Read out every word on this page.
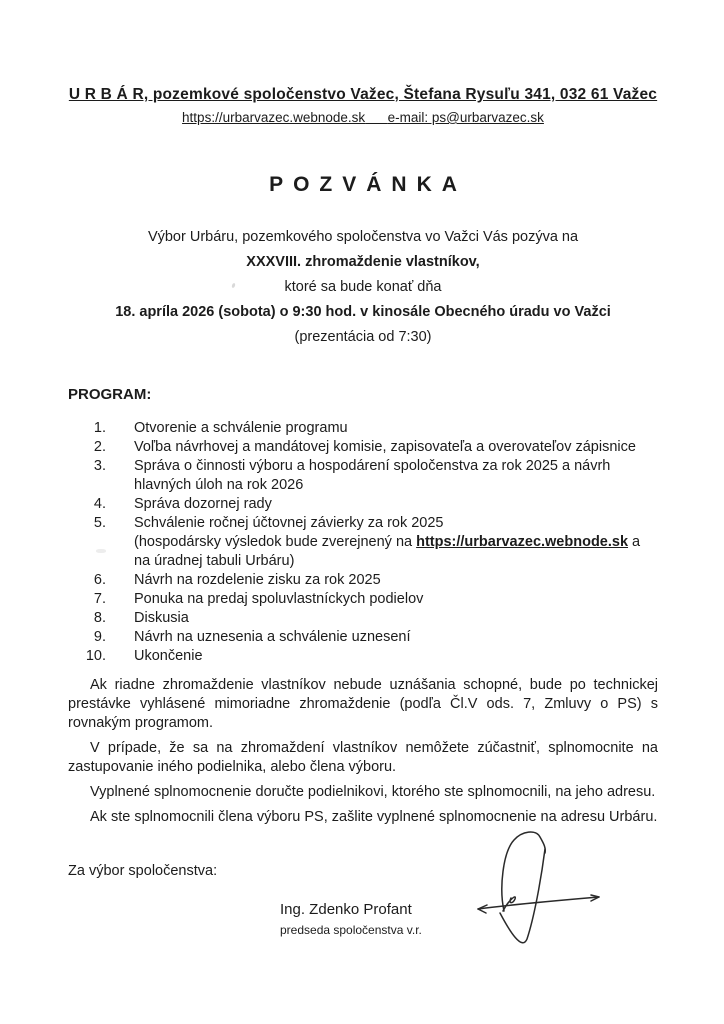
U R B Á R, pozemkové spoločenstvo Važec, Štefana Rysuľu 341, 032 61 Važec
https://urbarvazec.webnode.sk e-mail: ps@urbarvazec.sk
POZVÁNKA
Výbor Urbáru, pozemkového spoločenstva vo Važci Vás pozýva na
XXXVIII. zhromaždenie vlastníkov,
ktoré sa bude konať dňa
18. apríla 2026 (sobota) o 9:30 hod. v kinosále Obecného úradu vo Važci
(prezentácia od 7:30)
PROGRAM:
1. Otvorenie a schválenie programu
2. Voľba návrhovej a mandátovej komisie, zapisovateľa a overovateľov zápisnice
3. Správa o činnosti výboru a hospodárení spoločenstva za rok 2025 a návrh hlavných úloh na rok 2026
4. Správa dozornej rady
5. Schválenie ročnej účtovnej závierky za rok 2025
(hospodársky výsledok bude zverejnený na https://urbarvazec.webnode.sk a na úradnej tabuli Urbáru)
6. Návrh na rozdelenie zisku za rok 2025
7. Ponuka na predaj spoluvlastníckych podielov
8. Diskusia
9. Návrh na uznesenia a schválenie uznesení
10. Ukončenie

Ak riadne zhromaždenie vlastníkov nebude uznášania schopné, bude po technickej prestávke vyhlásené mimoriadne zhromaždenie (podľa Čl.V ods. 7, Zmluvy o PS) s rovnakým programom.

V prípade, že sa na zhromaždení vlastníkov nemôžete zúčastniť, splnomocnite na zastupovanie iného podielnika, alebo člena výboru.

Vyplnené splnomocnenie doručte podielnikovi, ktorého ste splnomocnili, na jeho adresu.

Ak ste splnomocnili člena výboru PS, zašlite vyplnené splnomocnenie na adresu Urbáru.

Za výbor spoločenstva:
Ing. Zdenko Profant
predseda spoločenstva v.r.
